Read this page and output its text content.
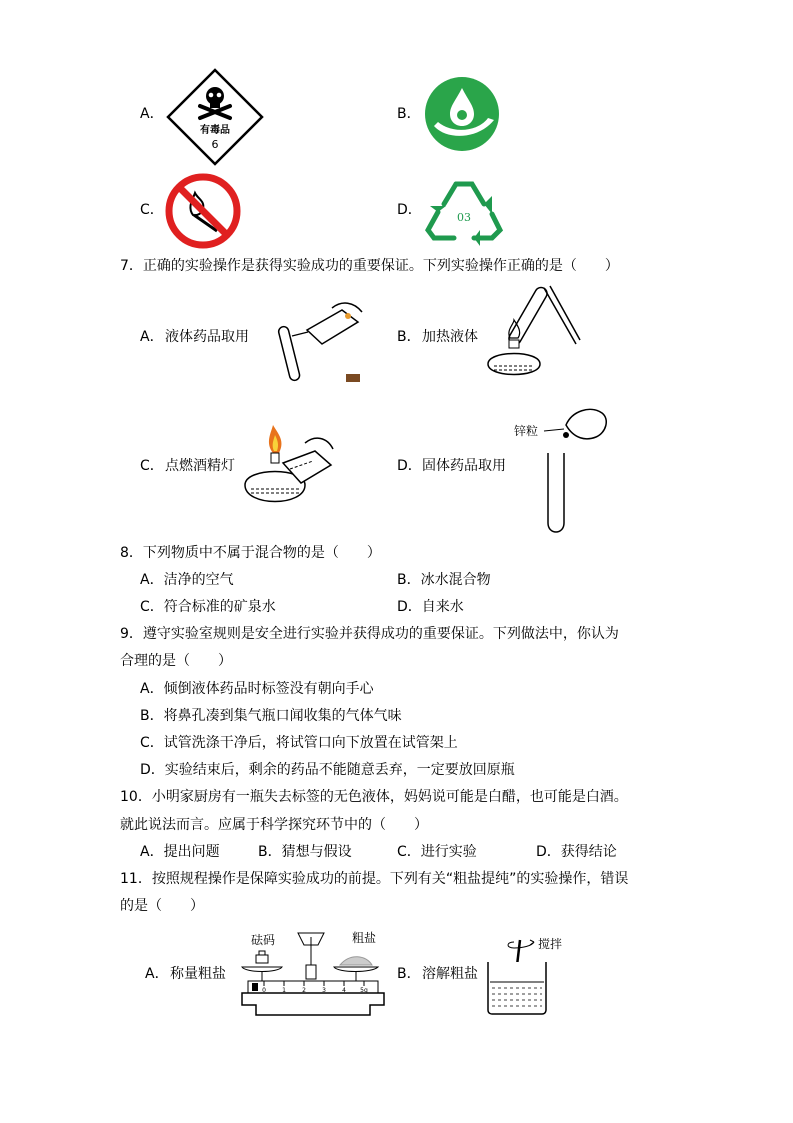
A．
有毒品
6
B．
C．	D．	03
7．正确的实验操作是获得实验成功的重要保证。下列实验操作正确的是（　　）
A． 液体药品取用	B． 加热液体
C． 点燃酒精灯	D． 固体药品取用
锌粒
8．下列物质中不属于混合物的是（　　）
A．洁净的空气	B．冰水混合物
C．符合标准的矿泉水	D．自来水
9．遵守实验室规则是安全进行实验并获得成功的重要保证。下列做法中，你认为
合理的是（　　）
A．倾倒液体药品时标签没有朝向手心
B．将鼻孔凑到集气瓶口闻收集的气体气味
C．试管洗涤干净后，将试管口向下放置在试管架上
D．实验结束后，剩余的药品不能随意丢弃，一定要放回原瓶
10．小明家厨房有一瓶失去标签的无色液体，妈妈说可能是白醋，也可能是白酒。
就此说法而言。应属于科学探究环节中的（　　）
A．提出问题	B．猜想与假设	C．进行实验	D．获得结论
11．按照规程操作是保障实验成功的前提。下列有关“粗盐提纯”的实验操作，错误
的是（　　）
A． 称量粗盐
砝码	粗盐
0	1	2	3	4 5g
B． 溶解粗盐
搅拌
